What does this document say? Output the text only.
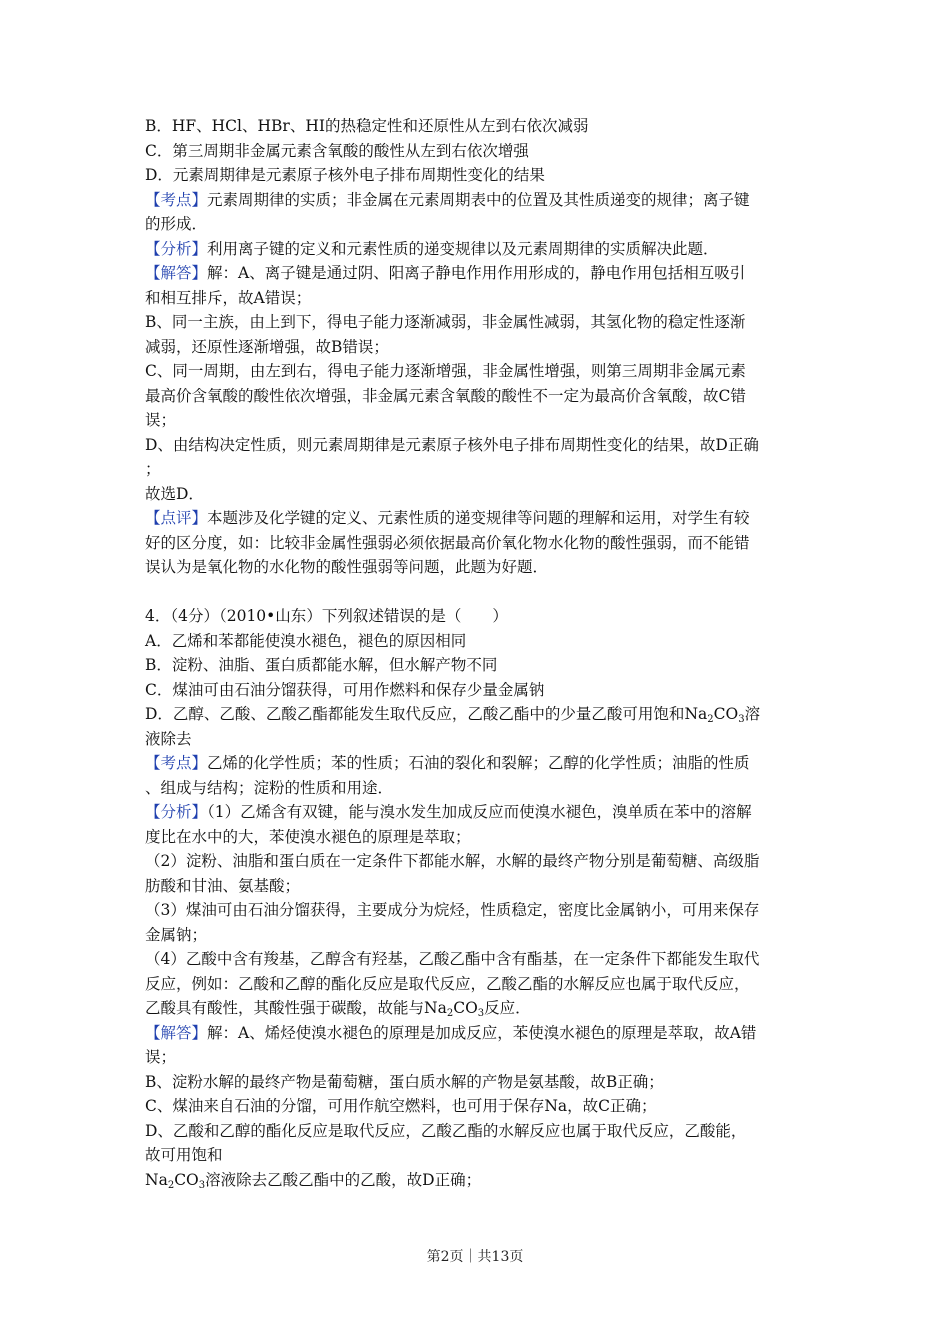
B．HF、HCl、HBr、HI的热稳定性和还原性从左到右依次减弱
C．第三周期非金属元素含氧酸的酸性从左到右依次增强
D．元素周期律是元素原子核外电子排布周期性变化的结果
【考点】元素周期律的实质；非金属在元素周期表中的位置及其性质递变的规律；离子键
的形成．
【分析】利用离子键的定义和元素性质的递变规律以及元素周期律的实质解决此题．
【解答】解：A、离子键是通过阴、阳离子静电作用作用形成的，静电作用包括相互吸引
和相互排斥，故A错误；
B、同一主族，由上到下，得电子能力逐渐减弱，非金属性减弱，其氢化物的稳定性逐渐
减弱，还原性逐渐增强，故B错误；
C、同一周期，由左到右，得电子能力逐渐增强，非金属性增强，则第三周期非金属元素
最高价含氧酸的酸性依次增强，非金属元素含氧酸的酸性不一定为最高价含氧酸，故C错
误；
D、由结构决定性质，则元素周期律是元素原子核外电子排布周期性变化的结果，故D正确
；
故选D．
【点评】本题涉及化学键的定义、元素性质的递变规律等问题的理解和运用，对学生有较
好的区分度，如：比较非金属性强弱必须依据最高价氧化物水化物的酸性强弱，而不能错
误认为是氧化物的水化物的酸性强弱等问题，此题为好题．
4．（4分）（2010•山东）下列叙述错误的是（　　）
A．乙烯和苯都能使溴水褪色，褪色的原因相同
B．淀粉、油脂、蛋白质都能水解，但水解产物不同
C．煤油可由石油分馏获得，可用作燃料和保存少量金属钠
D．乙醇、乙酸、乙酸乙酯都能发生取代反应，乙酸乙酯中的少量乙酸可用饱和$Na_2CO_3$溶
液除去
【考点】乙烯的化学性质；苯的性质；石油的裂化和裂解；乙醇的化学性质；油脂的性质
、组成与结构；淀粉的性质和用途．
【分析】（1）乙烯含有双键，能与溴水发生加成反应而使溴水褪色，溴单质在苯中的溶解
度比在水中的大，苯使溴水褪色的原理是萃取；
（2）淀粉、油脂和蛋白质在一定条件下都能水解，水解的最终产物分别是葡萄糖、高级脂
肪酸和甘油、氨基酸；
（3）煤油可由石油分馏获得，主要成分为烷烃，性质稳定，密度比金属钠小，可用来保存
金属钠；
（4）乙酸中含有羧基，乙醇含有羟基，乙酸乙酯中含有酯基，在一定条件下都能发生取代
反应，例如：乙酸和乙醇的酯化反应是取代反应，乙酸乙酯的水解反应也属于取代反应，
乙酸具有酸性，其酸性强于碳酸，故能与$Na_2CO_3$反应．
【解答】解：A、烯烃使溴水褪色的原理是加成反应，苯使溴水褪色的原理是萃取，故A错
误；
B、淀粉水解的最终产物是葡萄糖，蛋白质水解的产物是氨基酸，故B正确；
C、煤油来自石油的分馏，可用作航空燃料，也可用于保存Na，故C正确；
D、乙酸和乙醇的酯化反应是取代反应，乙酸乙酯的水解反应也属于取代反应，乙酸能，
故可用饱和
$Na_2CO_3$溶液除去乙酸乙酯中的乙酸，故D正确；
第2页｜共13页
